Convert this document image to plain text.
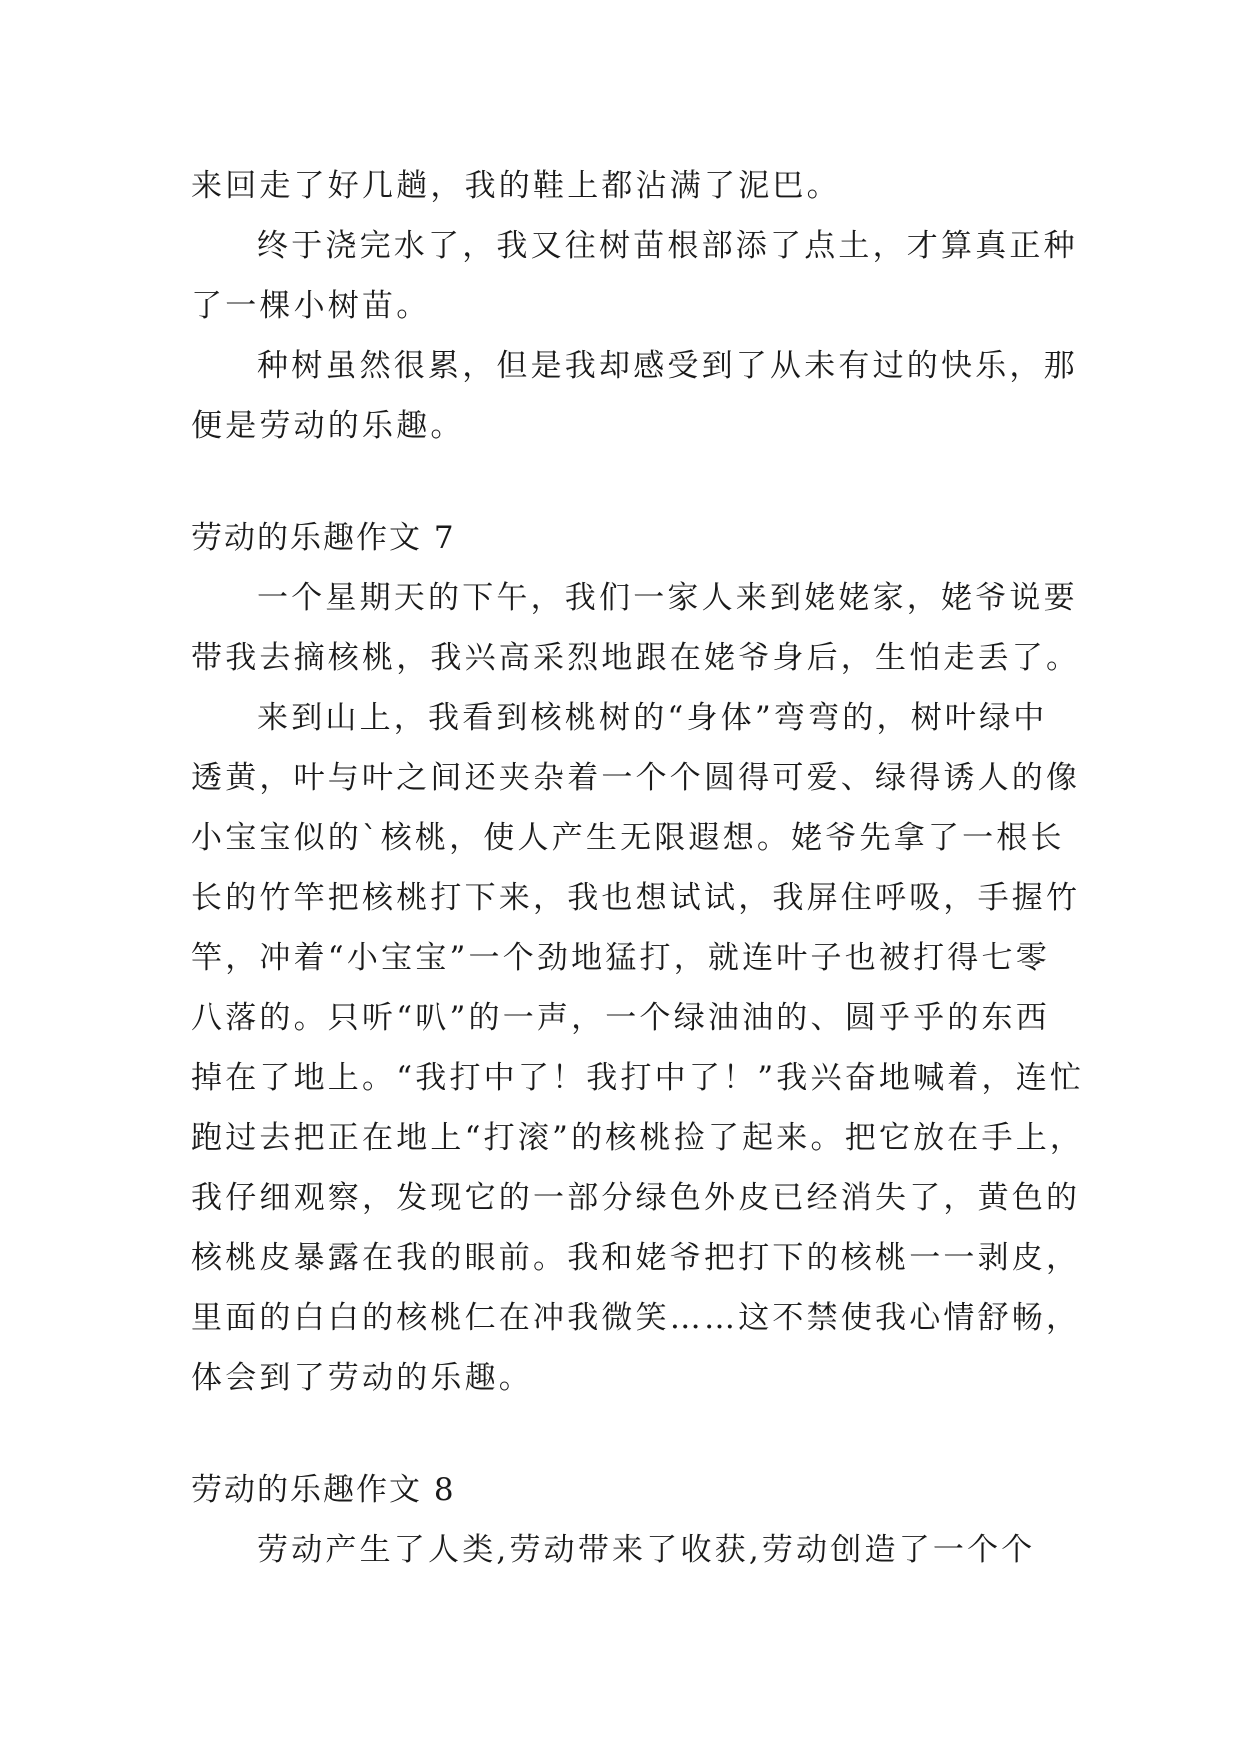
来回走了好几趟，我的鞋上都沾满了泥巴。
终于浇完水了，我又往树苗根部添了点土，才算真正种
了一棵小树苗。
种树虽然很累，但是我却感受到了从未有过的快乐，那
便是劳动的乐趣。
劳动的乐趣作文 7
一个星期天的下午，我们一家人来到姥姥家，姥爷说要
带我去摘核桃，我兴高采烈地跟在姥爷身后，生怕走丢了。
来到山上，我看到核桃树的“身体”弯弯的，树叶绿中
透黄，叶与叶之间还夹杂着一个个圆得可爱、绿得诱人的像
小宝宝似的`核桃，使人产生无限遐想。姥爷先拿了一根长
长的竹竿把核桃打下来，我也想试试，我屏住呼吸，手握竹
竿，冲着“小宝宝”一个劲地猛打，就连叶子也被打得七零
八落的。只听“叭”的一声，一个绿油油的、圆乎乎的东西
掉在了地上。“我打中了！我打中了！”我兴奋地喊着，连忙
跑过去把正在地上“打滚”的核桃捡了起来。把它放在手上，
我仔细观察，发现它的一部分绿色外皮已经消失了，黄色的
核桃皮暴露在我的眼前。我和姥爷把打下的核桃一一剥皮，
里面的白白的核桃仁在冲我微笑……这不禁使我心情舒畅，
体会到了劳动的乐趣。
劳动的乐趣作文 8
劳动产生了人类,劳动带来了收获,劳动创造了一个个
